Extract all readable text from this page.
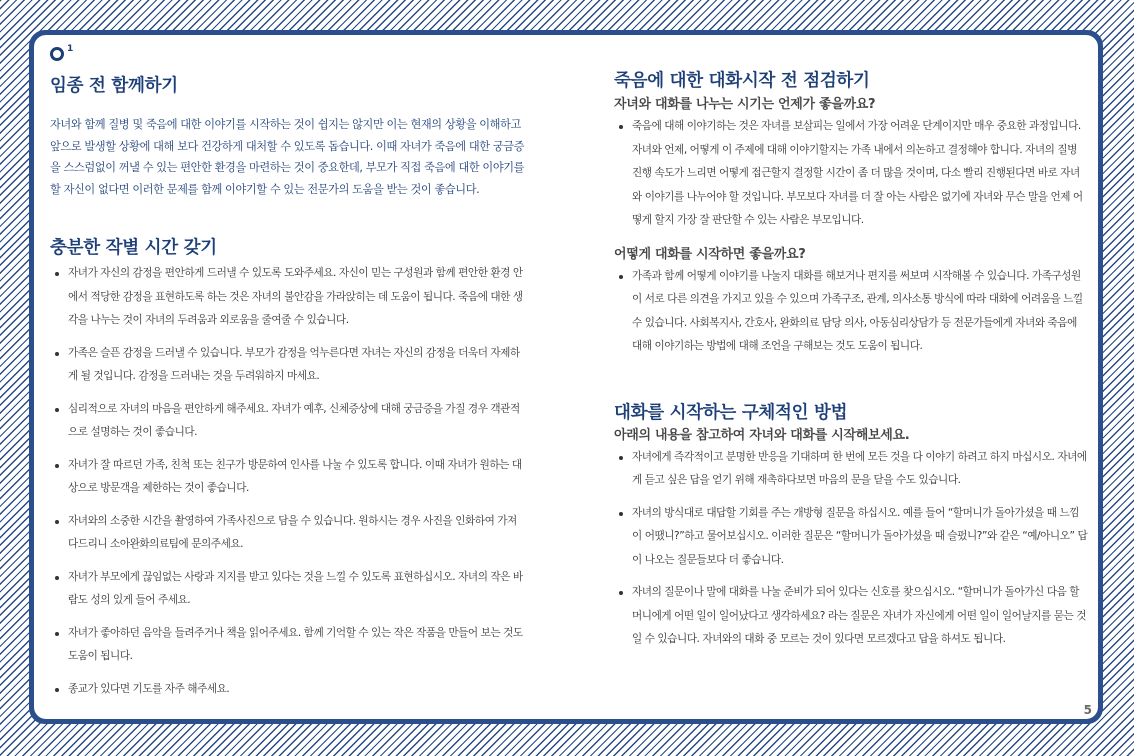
1
임종 전 함께하기
자녀와 함께 질병 및 죽음에 대한 이야기를 시작하는 것이 쉽지는 않지만 이는 현재의 상황을 이해하고 앞으로 발생할 상황에 대해 보다 건강하게 대처할 수 있도록 돕습니다. 이때 자녀가 죽음에 대한 궁금증을 스스럼없이 꺼낼 수 있는 편안한 환경을 마련하는 것이 중요한데, 부모가 직접 죽음에 대한 이야기를 할 자신이 없다면 이러한 문제를 함께 이야기할 수 있는 전문가의 도움을 받는 것이 좋습니다.
충분한 작별 시간 갖기
자녀가 자신의 감정을 편안하게 드러낼 수 있도록 도와주세요. 자신이 믿는 구성원과 함께 편안한 환경 안에서 적당한 감정을 표현하도록 하는 것은 자녀의 불안감을 가라앉히는 데 도움이 됩니다. 죽음에 대한 생각을 나누는 것이 자녀의 두려움과 외로움을 줄여줄 수 있습니다.
가족은 슬픈 감정을 드러낼 수 있습니다. 부모가 감정을 억누른다면 자녀는 자신의 감정을 더욱더 자제하게 될 것입니다. 감정을 드러내는 것을 두려워하지 마세요.
심리적으로 자녀의 마음을 편안하게 해주세요. 자녀가 예후, 신체증상에 대해 궁금증을 가질 경우 객관적으로 설명하는 것이 좋습니다.
자녀가 잘 따르던 가족, 친척 또는 친구가 방문하여 인사를 나눌 수 있도록 합니다. 이때 자녀가 원하는 대상으로 방문객을 제한하는 것이 좋습니다.
자녀와의 소중한 시간을 촬영하여 가족사진으로 담을 수 있습니다. 원하시는 경우 사진을 인화하여 가져다드리니 소아완화의료팀에 문의주세요.
자녀가 부모에게 끊임없는 사랑과 지지를 받고 있다는 것을 느낄 수 있도록 표현하십시오. 자녀의 작은 바람도 성의 있게 들어 주세요.
자녀가 좋아하던 음악을 들려주거나 책을 읽어주세요. 함께 기억할 수 있는 작은 작품을 만들어 보는 것도 도움이 됩니다.
종교가 있다면 기도를 자주 해주세요.
죽음에 대한 대화시작 전 점검하기
자녀와 대화를 나누는 시기는 언제가 좋을까요?
죽음에 대해 이야기하는 것은 자녀를 보살피는 일에서 가장 어려운 단계이지만 매우 중요한 과정입니다. 자녀와 언제, 어떻게 이 주제에 대해 이야기할지는 가족 내에서 의논하고 결정해야 합니다. 자녀의 질병 진행 속도가 느리면 어떻게 접근할지 결정할 시간이 좀 더 많을 것이며, 다소 빨리 진행된다면 바로 자녀와 이야기를 나누어야 할 것입니다. 부모보다 자녀를 더 잘 아는 사람은 없기에 자녀와 무슨 말을 언제 어떻게 할지 가장 잘 판단할 수 있는 사람은 부모입니다.
어떻게 대화를 시작하면 좋을까요?
가족과 함께 어떻게 이야기를 나눌지 대화를 해보거나 편지를 써보며 시작해볼 수 있습니다. 가족구성원이 서로 다른 의견을 가지고 있을 수 있으며 가족구조, 관계, 의사소통 방식에 따라 대화에 어려움을 느낄 수 있습니다. 사회복지사, 간호사, 완화의료 담당 의사, 아동심리상담가 등 전문가들에게 자녀와 죽음에 대해 이야기하는 방법에 대해 조언을 구해보는 것도 도움이 됩니다.
대화를 시작하는 구체적인 방법
아래의 내용을 참고하여 자녀와 대화를 시작해보세요.
자녀에게 즉각적이고 분명한 반응을 기대하며 한 번에 모든 것을 다 이야기 하려고 하지 마십시오. 자녀에게 듣고 싶은 답을 얻기 위해 재촉하다보면 마음의 문을 닫을 수도 있습니다.
자녀의 방식대로 대답할 기회를 주는 개방형 질문을 하십시오. 예를 들어 “할머니가 돌아가셨을 때 느낌이 어땠니?”하고 물어보십시오. 이러한 질문은 “할머니가 돌아가셨을 때 슬펐니?”와 같은 “예/아니오” 답이 나오는 질문들보다 더 좋습니다.
자녀의 질문이나 말에 대화를 나눌 준비가 되어 있다는 신호를 찾으십시오. “할머니가 돌아가신 다음 할머니에게 어떤 일이 일어났다고 생각하세요? 라는 질문은 자녀가 자신에게 어떤 일이 일어날지를 묻는 것일 수 있습니다. 자녀와의 대화 중 모르는 것이 있다면 모르겠다고 답을 하셔도 됩니다.
5
